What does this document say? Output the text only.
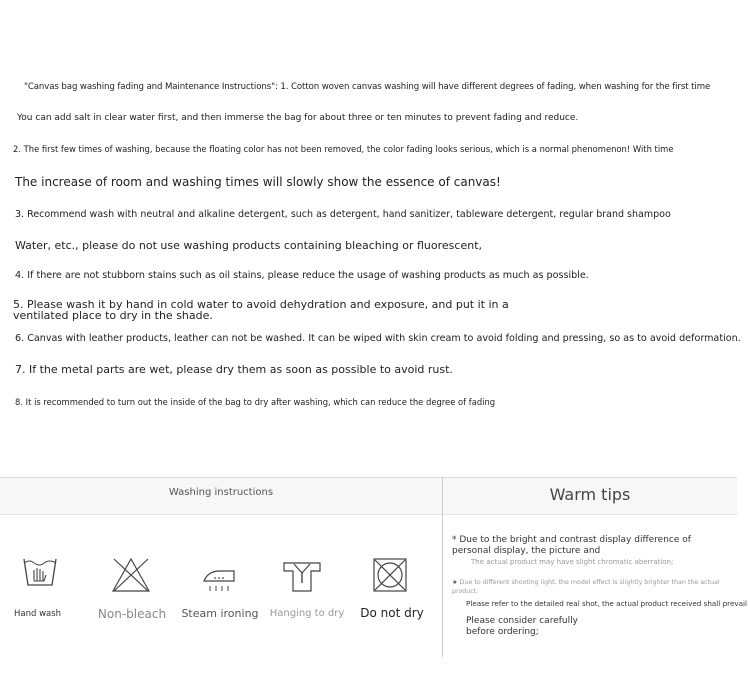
"Canvas bag washing fading and Maintenance Instructions": 1. Cotton woven canvas washing will have different degrees of fading, when washing for the first time
You can add salt in clear water first, and then immerse the bag for about three or ten minutes to prevent fading and reduce.
2. The first few times of washing, because the floating color has not been removed, the color fading looks serious, which is a normal phenomenon! With time
The increase of room and washing times will slowly show the essence of canvas!
3. Recommend wash with neutral and alkaline detergent, such as detergent, hand sanitizer, tableware detergent, regular brand shampoo
Water, etc., please do not use washing products containing bleaching or fluorescent,
4. If there are not stubborn stains such as oil stains, please reduce the usage of washing products as much as possible.
5. Please wash it by hand in cold water to avoid dehydration and exposure, and put it in a
ventilated place to dry in the shade.
6. Canvas with leather products, leather can not be washed. It can be wiped with skin cream to avoid folding and pressing, so as to avoid deformation.
7. If the metal parts are wet, please dry them as soon as possible to avoid rust.
8. It is recommended to turn out the inside of the bag to dry after washing, which can reduce the degree of fading
Washing instructions
Hand wash	Non-bleach	Steam ironing	Hanging to dry	Do not dry
Warm tips
* Due to the bright and contrast display difference of personal display, the picture and
The actual product may have slight chromatic aberration;
★ Due to different shooting light, the model effect is slightly brighter than the actual product.
Please refer to the detailed real shot, the actual product received shall prevail
Please consider carefully before ordering;
